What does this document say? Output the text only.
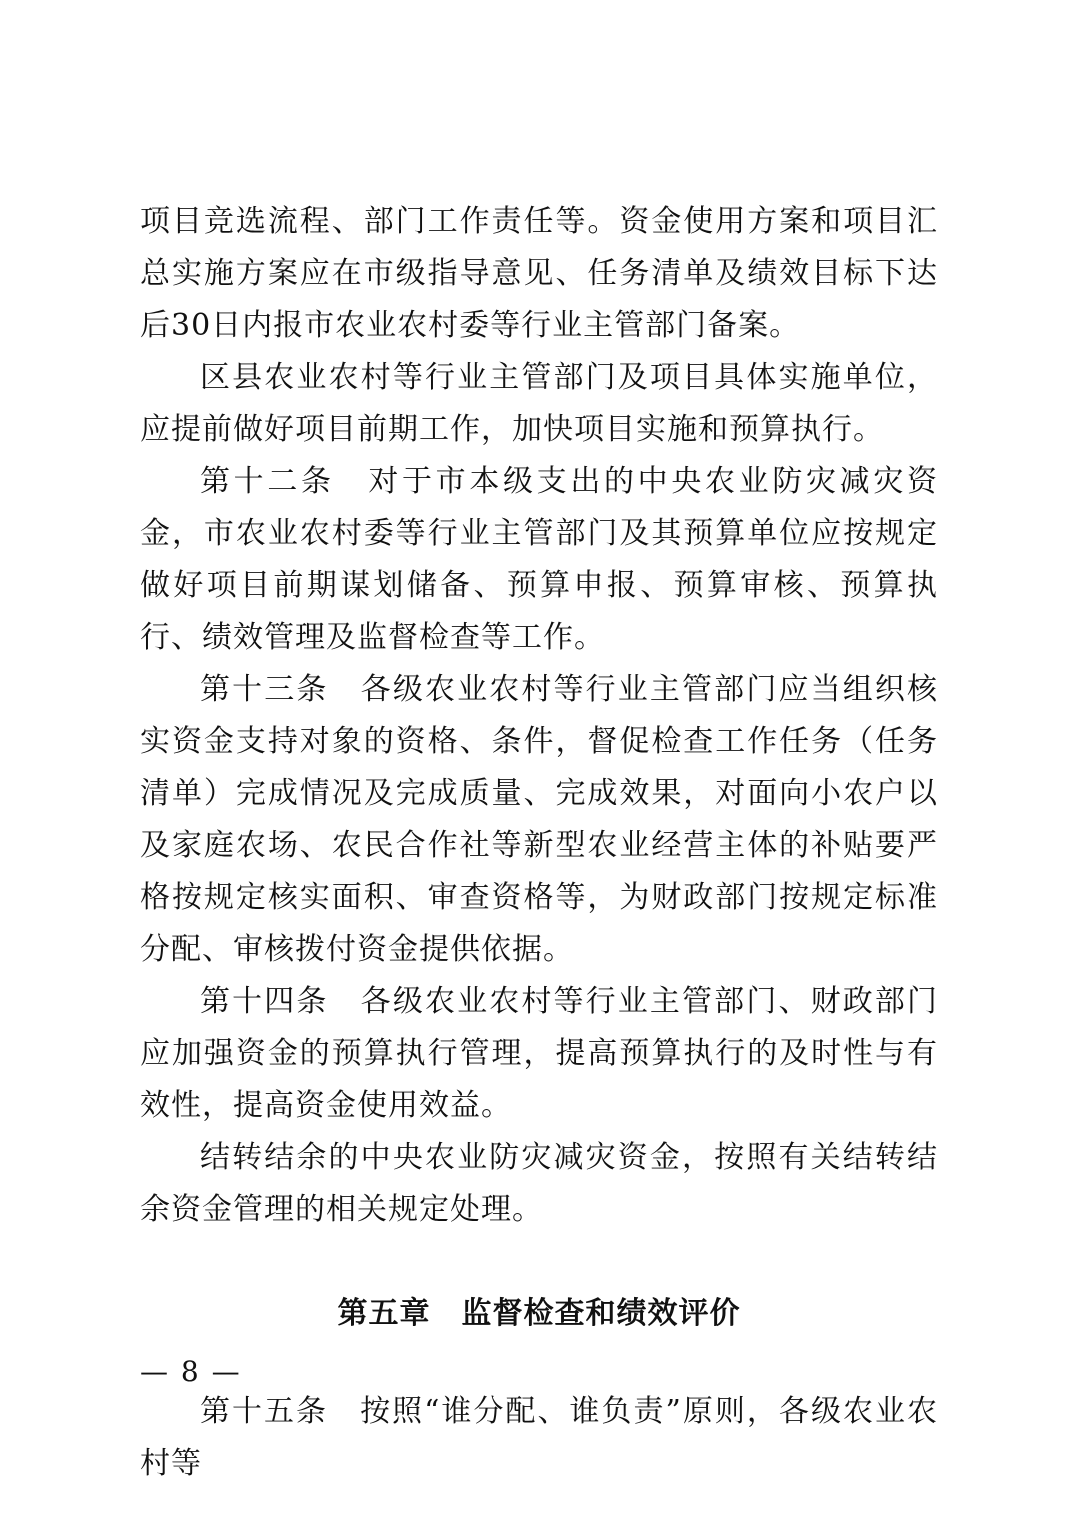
项目竞选流程、部门工作责任等。资金使用方案和项目汇总实施方案应在市级指导意见、任务清单及绩效目标下达后30日内报市农业农村委等行业主管部门备案。

区县农业农村等行业主管部门及项目具体实施单位，应提前做好项目前期工作，加快项目实施和预算执行。

第十二条　对于市本级支出的中央农业防灾减灾资金，市农业农村委等行业主管部门及其预算单位应按规定做好项目前期谋划储备、预算申报、预算审核、预算执行、绩效管理及监督检查等工作。

第十三条　各级农业农村等行业主管部门应当组织核实资金支持对象的资格、条件，督促检查工作任务（任务清单）完成情况及完成质量、完成效果，对面向小农户以及家庭农场、农民合作社等新型农业经营主体的补贴要严格按规定核实面积、审查资格等，为财政部门按规定标准分配、审核拨付资金提供依据。

第十四条　各级农业农村等行业主管部门、财政部门应加强资金的预算执行管理，提高预算执行的及时性与有效性，提高资金使用效益。

结转结余的中央农业防灾减灾资金，按照有关结转结余资金管理的相关规定处理。

第五章　监督检查和绩效评价

第十五条　按照“谁分配、谁负责”原则，各级农业农村等

— 8 —
